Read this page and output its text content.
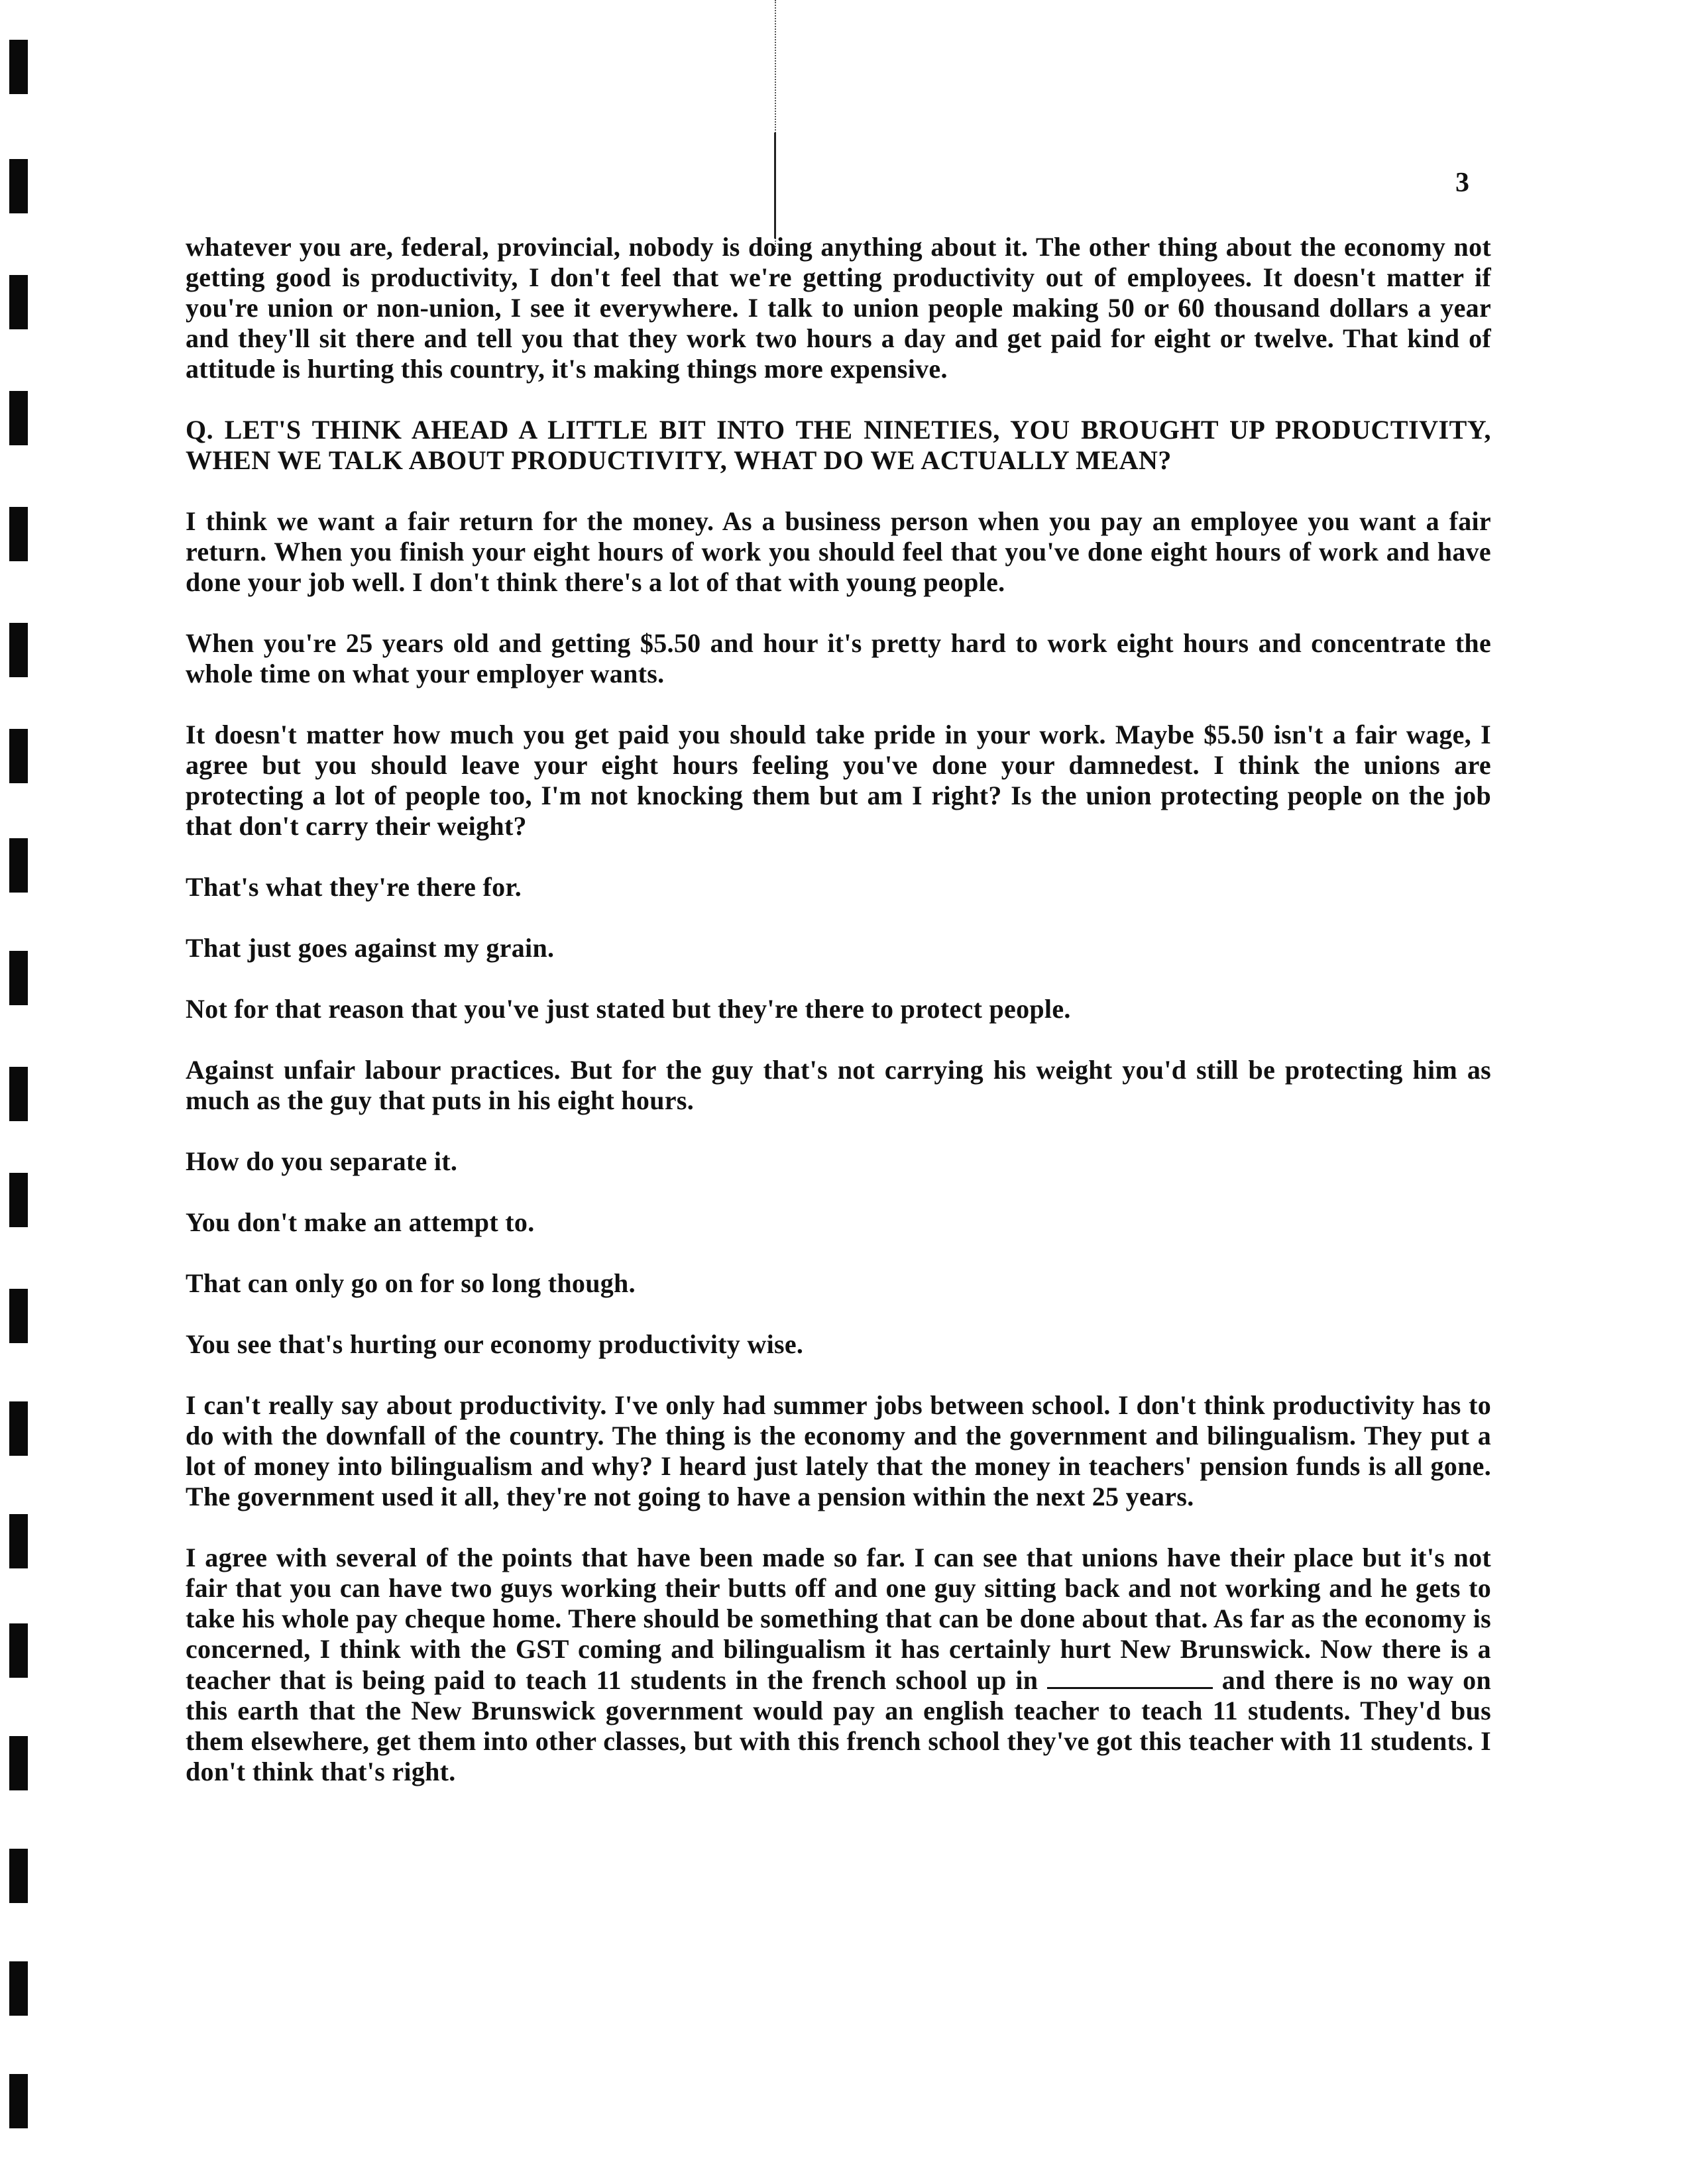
3

whatever you are, federal, provincial, nobody is doing anything about it. The other thing about the economy not getting good is productivity, I don't feel that we're getting productivity out of employees. It doesn't matter if you're union or non-union, I see it everywhere. I talk to union people making 50 or 60 thousand dollars a year and they'll sit there and tell you that they work two hours a day and get paid for eight or twelve. That kind of attitude is hurting this country, it's making things more expensive.

Q. LET'S THINK AHEAD A LITTLE BIT INTO THE NINETIES, YOU BROUGHT UP PRODUCTIVITY, WHEN WE TALK ABOUT PRODUCTIVITY, WHAT DO WE ACTUALLY MEAN?

I think we want a fair return for the money. As a business person when you pay an employee you want a fair return. When you finish your eight hours of work you should feel that you've done eight hours of work and have done your job well. I don't think there's a lot of that with young people.

When you're 25 years old and getting $5.50 and hour it's pretty hard to work eight hours and concentrate the whole time on what your employer wants.

It doesn't matter how much you get paid you should take pride in your work. Maybe $5.50 isn't a fair wage, I agree but you should leave your eight hours feeling you've done your damnedest. I think the unions are protecting a lot of people too, I'm not knocking them but am I right? Is the union protecting people on the job that don't carry their weight?

That's what they're there for.

That just goes against my grain.

Not for that reason that you've just stated but they're there to protect people.

Against unfair labour practices. But for the guy that's not carrying his weight you'd still be protecting him as much as the guy that puts in his eight hours.

How do you separate it.

You don't make an attempt to.

That can only go on for so long though.

You see that's hurting our economy productivity wise.

I can't really say about productivity. I've only had summer jobs between school. I don't think productivity has to do with the downfall of the country. The thing is the economy and the government and bilingualism. They put a lot of money into bilingualism and why? I heard just lately that the money in teachers' pension funds is all gone. The government used it all, they're not going to have a pension within the next 25 years.

I agree with several of the points that have been made so far. I can see that unions have their place but it's not fair that you can have two guys working their butts off and one guy sitting back and not working and he gets to take his whole pay cheque home. There should be something that can be done about that. As far as the economy is concerned, I think with the GST coming and bilingualism it has certainly hurt New Brunswick. Now there is a teacher that is being paid to teach 11 students in the french school up in	and there is no way on this earth that the New Brunswick government would pay an english teacher to teach 11 students. They'd bus them elsewhere, get them into other classes, but with this french school they've got this teacher with 11 students. I don't think that's right.
